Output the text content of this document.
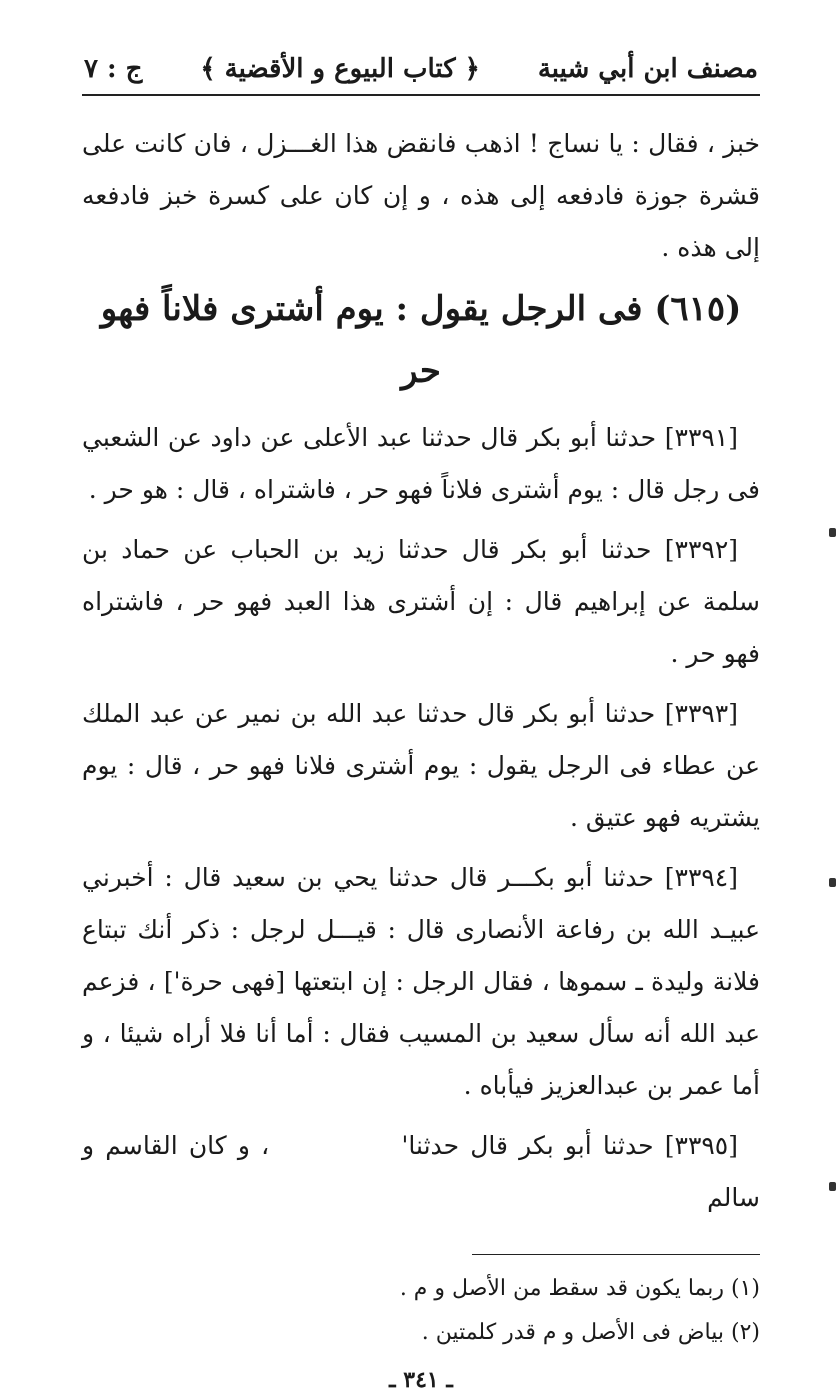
مصنف ابن أبي شيبة
﴿ كتاب البيوع و الأقضية ﴾
ج : ٧

خبز ، فقال : يا نساج ! اذهب فانقض هذا الغـــزل ، فان كانت على قشرة جوزة فادفعه إلى هذه ، و إن كان على كسرة خبز فادفعه إلى هذه .

(٦١٥) فى الرجل يقول : يوم أشترى فلاناً فهو حر

[٣٣٩١] حدثنا أبو بكر قال حدثنا عبد الأعلى عن داود عن الشعبي فى رجل قال : يوم أشترى فلاناً فهو حر ، فاشتراه ، قال : هو حر .

[٣٣٩٢] حدثنا أبو بكر قال حدثنا زيد بن الحباب عن حماد بن سلمة عن إبراهيم قال : إن أشترى هذا العبد فهو حر ، فاشتراه فهو حر .

[٣٣٩٣] حدثنا أبو بكر قال حدثنا عبد الله بن نمير عن عبد الملك عن عطاء فى الرجل يقول : يوم أشترى فلانا فهو حر ، قال : يوم يشتريه فهو عتيق .

[٣٣٩٤] حدثنا أبو بكـــر قال حدثنا يحي بن سعيد قال : أخبرني عبيـد الله بن رفاعة الأنصارى قال : قيـــل لرجل : ذكر أنك تبتاع فلانة وليدة ـ سموها ، فقال الرجل : إن ابتعتها [فهى حرة'] ، فزعم عبد الله أنه سأل سعيد بن المسيب فقال : أما أنا فلا أراه شيئا ، و أما عمر بن عبدالعزيز فيأباه .

[٣٣٩٥] حدثنا أبو بكر قال حدثنا'  ، و كان القاسم و سالم

(١) ربما يكون قد سقط من الأصل و م .

(٢) بياض فى الأصل و م قدر كلمتين .

ـ ٣٤١ ـ
